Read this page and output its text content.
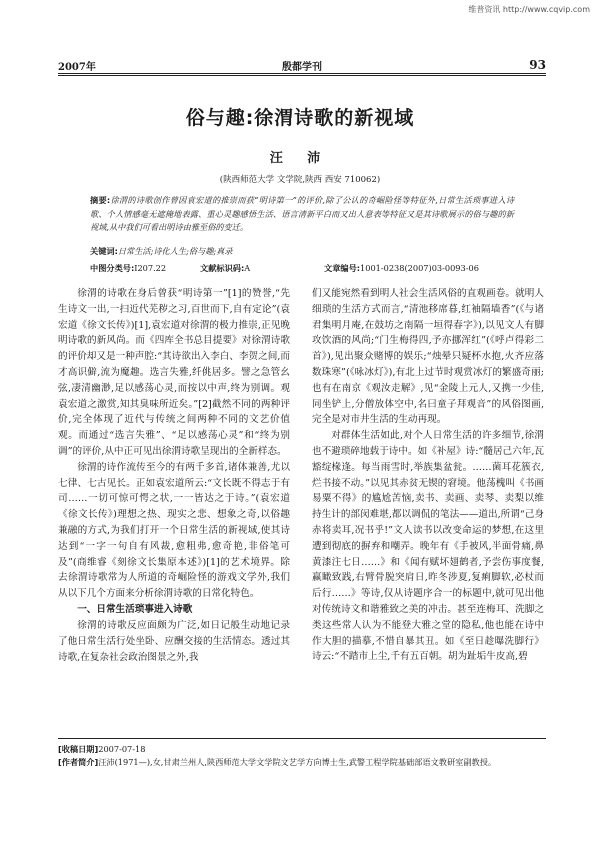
维普资讯 http://www.cqvip.com
2007年	殷都学刊	93
俗与趣:徐渭诗歌的新视域
汪 沛
(陕西师范大学 文学院,陕西 西安 710062)
摘要:徐渭的诗歌创作曾因袁宏道的推崇而获“明诗第一”的评价,除了公认的奇崛险怪等特征外,日常生活琐事进入诗歌、个人情感毫无遮掩地表露、重心灵趣感悟生活、语言清新平白而又出人意表等特征又是其诗歌展示的俗与趣的新视域,从中我们可看出明诗由雅至俗的变迁。
关键词:日常生活;诗化人生;俗与趣;真录
中图分类号:I207.22	文献标识码:A	文章编号:1001-0238(2007)03-0093-06

徐渭的诗歌在身后曾获“明诗第一”[1]的赞誉,“先生诗文一出,一扫近代芜秽之习,百世而下,自有定论”(袁宏道《徐文长传》)[1],袁宏道对徐渭的极力推崇,正见晚明诗歌的新风尚。而《四库全书总目提要》对徐渭诗歌的评价却又是一种声腔:“其诗欲出入李白、李贺之间,而才高识僻,流为魔趣。选言失雅,纤佻居多。譬之急管幺弦,凄清幽渺,足以感荡心灵,而按以中声,终为别调。观袁宏道之激赏,知其臭味所近矣。”[2]截然不同的两种评价,完全体现了近代与传统之间两种不同的文艺价值观。而通过“选言失雅”、“足以感荡心灵”和“终为别调”的评价,从中正可见出徐渭诗歌呈现出的全新样态。

徐渭的诗作流传至今的有两千多首,诸体兼善,尤以七律、七古见长。正如袁宏道所云:“文长既不得志于有司……一切可惊可愕之状,一一皆达之于诗。”(袁宏道《徐文长传》)理想之热、现实之悲、想象之奇,以俗趣兼融的方式,为我们打开一个日常生活的新视域,使其诗达到“一字一句自有风裁,愈粗弗,愈奇艳,非俗笔可及”(商维睿《刻徐文长集原本述》)[1]的艺术境界。除去徐渭诗歌常为人所道的奇崛险怪的游戏文学外,我们从以下几个方面来分析徐渭诗歌的日常化特色。

一、日常生活琐事进入诗歌

徐渭的诗歌反应面颇为广泛,如日记般生动地记录了他日常生活行处坐卧、应酬交接的生活情态。透过其诗歌,在复杂社会政治图景之外,我

们又能宛然看到明人社会生活风俗的直观画卷。就明人细琐的生活方式而言,“清池移席暮,红袖隔墙香”(《与诸君集明月庵,在鼓坊之南隔一垣得春字》),以见文人有脚攻饮酒的风尚;“门生梅得四,予亦挪浑红”(《呼卢得彩二首》),见出聚众赌博的娱乐;“烛晕只疑杯水抱,火齐应落数珠寒”(《咏冰灯》),有北上过节时观赏冰灯的繁盛奇丽;也有在南京《观汝走解》,见“金陵上元人,又携一少佳,同坐铲上,分僧放体空中,名曰童子拜观音”的风俗图画,完全是对市井生活的生动再现。

对群体生活如此,对个人日常生活的许多细节,徐渭也不避琐碎地载于诗中。如《补屋》诗:“髓居己六年,瓦豁绽椽逢。每当雨雪时,举族集盆瓮。……菌耳花簇衣,烂书接不动。”以见其赤贫无锲的窘境。他荡槐叫《书画易粟不得》的尴尬苦恼,卖书、卖画、卖琴、卖梨以维持生计的部闵难堪,都以调侃的笔法——道出,所谓“己身赤将卖耳,况书乎!”文人读书以改变命运的梦想,在这里遭到彻底的摒弃和嘲弄。晚年有《手被风,半面骨痛,鼻黄漆注七日……》和《闻有赋坏翅鹤者,予尝伤事度餐,赢瞰致践,右臂骨脱突肩日,昨冬涉夏,复痢脚软,必杖而后行……》等诗,仅从诗题序合一的标题中,就可见出他对传统诗文和谐雅致之美的冲击。甚至连梅耳、洗脚之类这些常人认为不能登大雅之堂的隐私,他也能在诗中作大胆的描摹,不惜自暴其丑。如《至日趁曝洗脚行》诗云:“不踏市上尘,千有五百朝。胡为趾垢牛皮高,碧

[收稿日期]2007-07-18
[作者简介]汪沛(1971—),女,甘肃兰州人,陕西师范大学文学院文艺学方向博士生,武警工程学院基础部语文教研室副教授。
